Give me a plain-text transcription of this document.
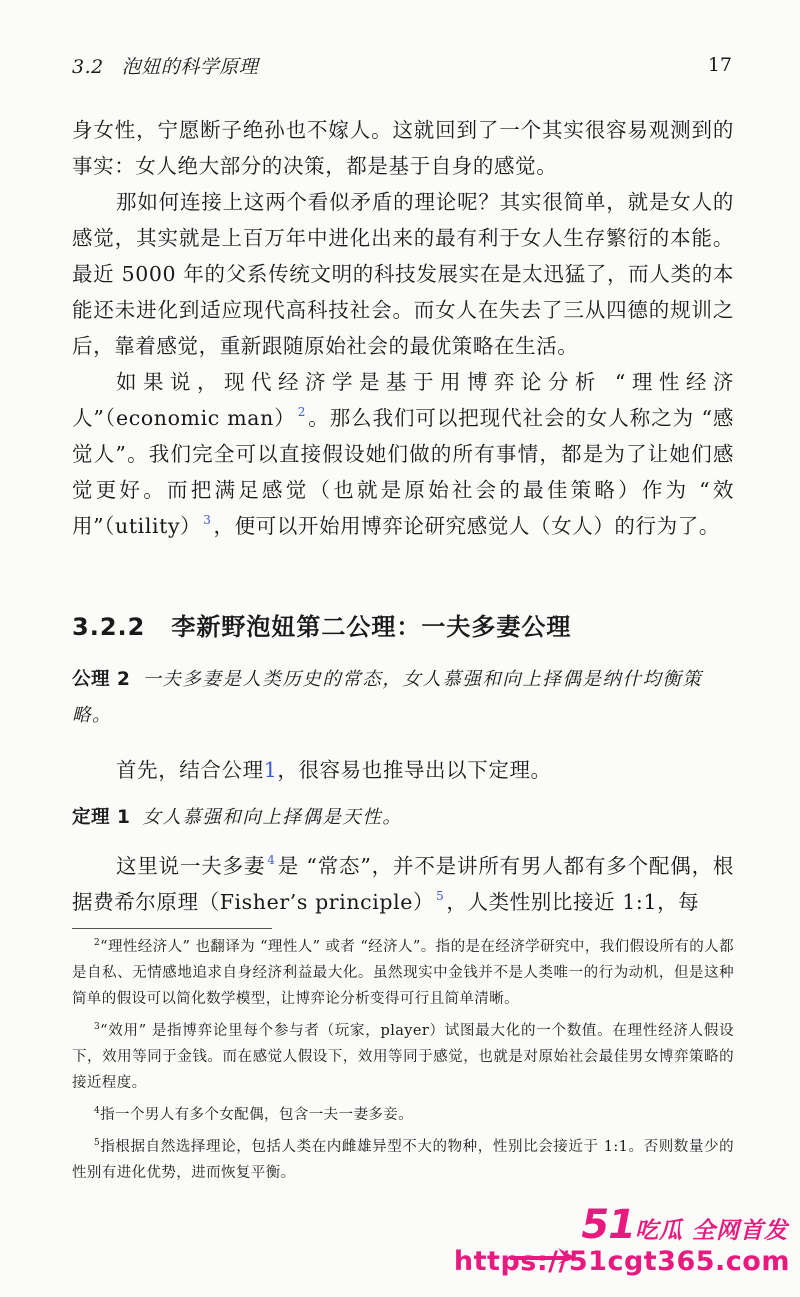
3.2 泡妞的科学原理	17

身女性，宁愿断子绝孙也不嫁人。这就回到了一个其实很容易观测到的事实：女人绝大部分的决策，都是基于自身的感觉。

那如何连接上这两个看似矛盾的理论呢？其实很简单，就是女人的感觉，其实就是上百万年中进化出来的最有利于女人生存繁衍的本能。最近 5000 年的父系传统文明的科技发展实在是太迅猛了，而人类的本能还未进化到适应现代高科技社会。而女人在失去了三从四德的规训之后，靠着感觉，重新跟随原始社会的最优策略在生活。

如果说，现代经济学是基于用博弈论分析 “理性经济人”（economic man） $^2$。那么我们可以把现代社会的女人称之为 “感觉人”。我们完全可以直接假设她们做的所有事情，都是为了让她们感觉更好。而把满足感觉（也就是原始社会的最佳策略）作为 “效用”（utility） $^3$，便可以开始用博弈论研究感觉人（女人）的行为了。

3.2.2 李新野泡妞第二公理：一夫多妻公理
公理 2 一夫多妻是人类历史的常态，女人慕强和向上择偶是纳什均衡策略。

首先，结合公理1，很容易也推导出以下定理。

定理 1 女人慕强和向上择偶是天性。

这里说一夫多妻 $^4$是 “常态”，并不是讲所有男人都有多个配偶，根据费希尔原理（Fisher’s principle） $^5$，人类性别比接近 1:1，每

$^2$“理性经济人” 也翻译为 “理性人” 或者 “经济人”。指的是在经济学研究中，我们假设所有的人都是自私、无情感地追求自身经济利益最大化。虽然现实中金钱并不是人类唯一的行为动机，但是这种简单的假设可以简化数学模型，让博弈论分析变得可行且简单清晰。

$^3$“效用” 是指博弈论里每个参与者（玩家，player）试图最大化的一个数值。在理性经济人假设下，效用等同于金钱。而在感觉人假设下，效用等同于感觉，也就是对原始社会最佳男女博弈策略的接近程度。

$^4$指一个男人有多个女配偶，包含一夫一妻多妾。

$^5$指根据自然选择理论，包括人类在内雌雄异型不大的物种，性别比会接近于 1:1。否则数量少的性别有进化优势，进而恢复平衡。

51吃瓜 全网首发
https://51cgt365.com
